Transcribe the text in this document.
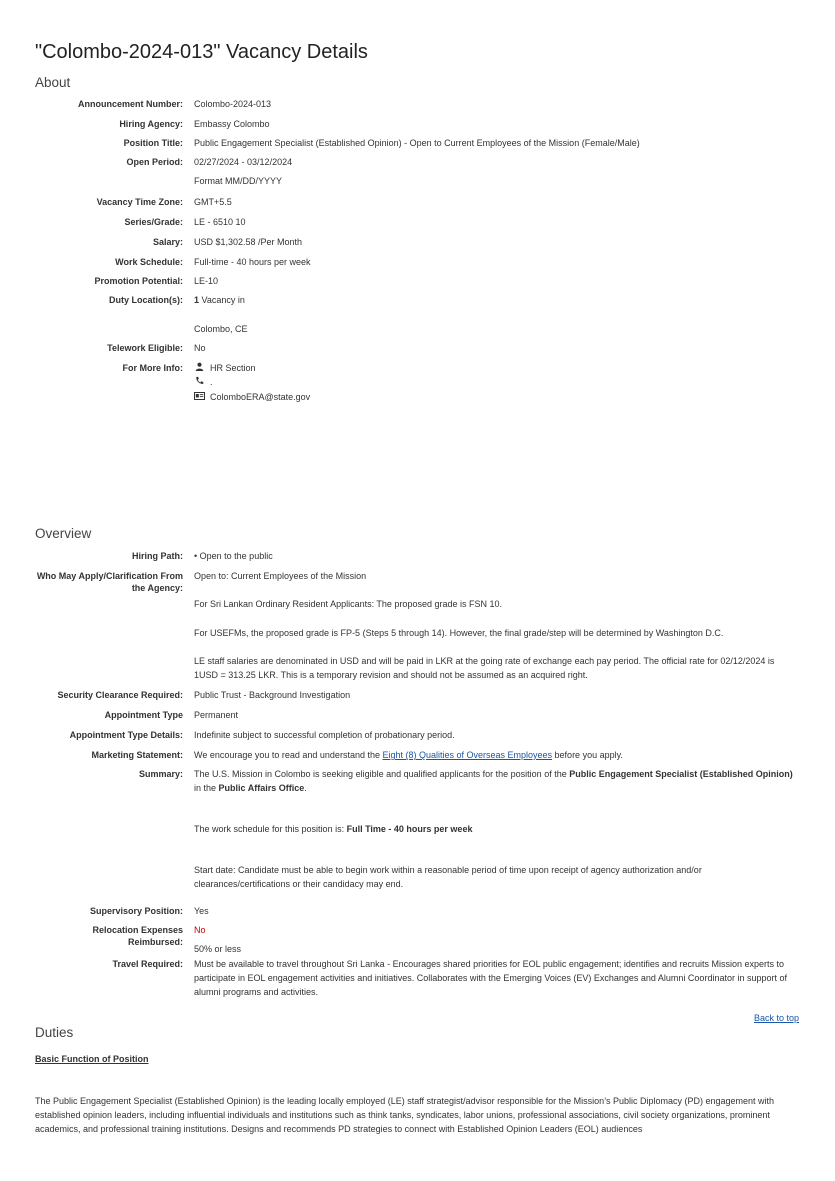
"Colombo-2024-013" Vacancy Details
About
Announcement Number: Colombo-2024-013
Hiring Agency: Embassy Colombo
Position Title: Public Engagement Specialist (Established Opinion) - Open to Current Employees of the Mission (Female/Male)
Open Period: 02/27/2024 - 03/12/2024
Format MM/DD/YYYY
Vacancy Time Zone: GMT+5.5
Series/Grade: LE - 6510 10
Salary: USD $1,302.58 /Per Month
Work Schedule: Full-time - 40 hours per week
Promotion Potential: LE-10
Duty Location(s): 1 Vacancy in
Colombo, CE
Telework Eligible: No
For More Info:	HR Section
.
ColomboERA@state.gov
Overview
Hiring Path: • Open to the public
Who May Apply/Clarification From the Agency:
Open to: Current Employees of the Mission
For Sri Lankan Ordinary Resident Applicants: The proposed grade is FSN 10.
For USEFMs, the proposed grade is FP-5 (Steps 5 through 14). However, the final grade/step will be determined by Washington D.C.
LE staff salaries are denominated in USD and will be paid in LKR at the going rate of exchange each pay period. The official rate for 02/12/2024 is 1USD = 313.25 LKR. This is a temporary revision and should not be assumed as an acquired right.
Security Clearance Required: Public Trust - Background Investigation
Appointment Type Permanent
Appointment Type Details: Indefinite subject to successful completion of probationary period.
Marketing Statement: We encourage you to read and understand the Eight (8) Qualities of Overseas Employees before you apply.
Summary: The U.S. Mission in Colombo is seeking eligible and qualified applicants for the position of the Public Engagement Specialist (Established Opinion) in the Public Affairs Office.
The work schedule for this position is: Full Time - 40 hours per week
Start date: Candidate must be able to begin work within a reasonable period of time upon receipt of agency authorization and/or clearances/certifications or their candidacy may end.
Supervisory Position: Yes
Relocation Expenses Reimbursed:
No
50% or less
Travel Required: Must be available to travel throughout Sri Lanka - Encourages shared priorities for EOL public engagement; identifies and recruits Mission experts to participate in EOL engagement activities and initiatives. Collaborates with the Emerging Voices (EV) Exchanges and Alumni Coordinator in support of alumni programs and activities.
Back to top
Duties
Basic Function of Position
The Public Engagement Specialist (Established Opinion) is the leading locally employed (LE) staff strategist/advisor responsible for the Mission’s Public Diplomacy (PD) engagement with established opinion leaders, including influential individuals and institutions such as think tanks, syndicates, labor unions, professional associations, civil society organizations, prominent academics, and professional training institutions. Designs and recommends PD strategies to connect with Established Opinion Leaders (EOL) audiences
